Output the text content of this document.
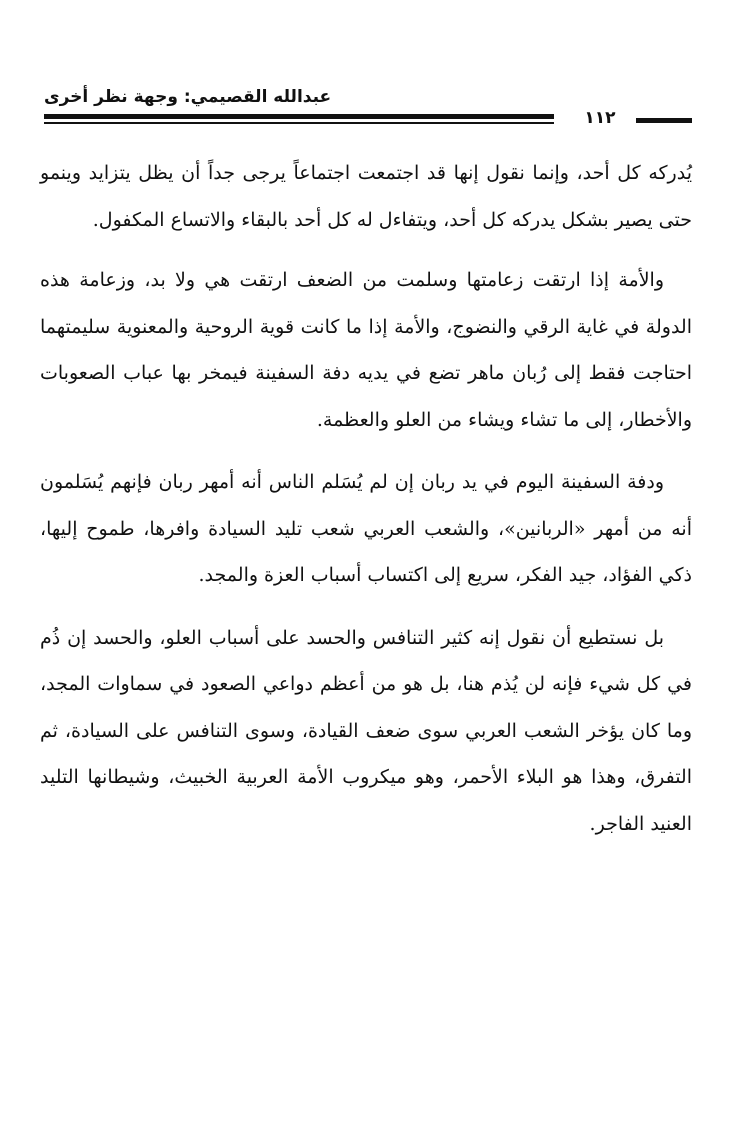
عبدالله القصيمي: وجهة نظر أخرى
١١٢

يُدركه كل أحد، وإنما نقول إنها قد اجتمعت اجتماعاً يرجى جداً أن يظل يتزايد وينمو حتى يصير بشكل يدركه كل أحد، ويتفاءل له كل أحد بالبقاء والاتساع المكفول.

والأمة إذا ارتقت زعامتها وسلمت من الضعف ارتقت هي ولا بد، وزعامة هذه الدولة في غاية الرقي والنضوج، والأمة إذا ما كانت قوية الروحية والمعنوية سليمتهما احتاجت فقط إلى رُبان ماهر تضع في يديه دفة السفينة فيمخر بها عباب الصعوبات والأخطار، إلى ما تشاء ويشاء من العلو والعظمة.

ودفة السفينة اليوم في يد ربان إن لم يُسَلم الناس أنه أمهر ربان فإنهم يُسَلمون أنه من أمهر «الربانين»، والشعب العربي شعب تليد السيادة وافرها، طموح إليها، ذكي الفؤاد، جيد الفكر، سريع إلى اكتساب أسباب العزة والمجد.

بل نستطيع أن نقول إنه كثير التنافس والحسد على أسباب العلو، والحسد إن ذُم في كل شيء فإنه لن يُذم هنا، بل هو من أعظم دواعي الصعود في سماوات المجد، وما كان يؤخر الشعب العربي سوى ضعف القيادة، وسوى التنافس على السيادة، ثم التفرق، وهذا هو البلاء الأحمر، وهو ميكروب الأمة العربية الخبيث، وشيطانها التليد العنيد الفاجر.
